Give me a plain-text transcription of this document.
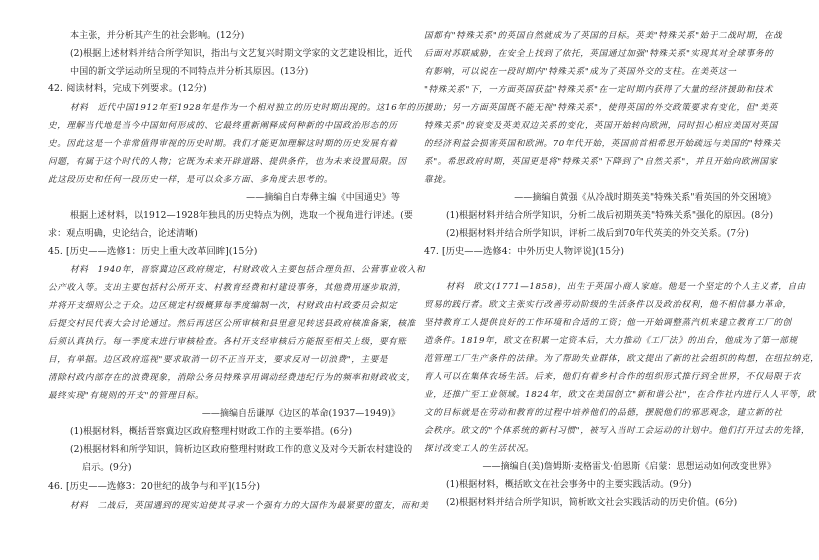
本主张，并分析其产生的社会影响。(12分)
(2)根据上述材料并结合所学知识，指出与文艺复兴时期文学家的文艺建设相比，近代
中国的新文学运动所呈现的不同特点并分析其原因。(13分)
42. 阅读材料，完成下列要求。(12分)
材料　近代中国1912年至1928年是作为一个相对独立的历史时期出现的。这16年的历
史，理解当代地是当今中国如何形成的、它最终重新阐释成何种新的中国政治形态的历
史。因此这是一个非常值得审视的历史时期。我们才能更加理解这时期的历史发展有着
问题，有属于这个时代的人物；它既为未来开辟道路、提供条件，也为未来设置局限。因
此这段历史和任何一段历史一样，是可以众多方面、多角度去思考的。
——摘编自白寿彝主编《中国通史》等
根据上述材料，以1912—1928年独具的历史特点为例，选取一个视角进行评述。(要
求：观点明确，史论结合，论述清晰)
45. [历史——选修1：历史上重大改革回眸](15分)
材料　1940年，晋察冀边区政府规定，村财政收入主要包括合理负担、公营事业收入和
公产收入等。支出主要包括村公所开支、村教育经费和村建设事务，其他费用逐步取消，
并将开支细则公之于众。边区规定村级概算每季度编制一次，村财政由村政委员会拟定
后提交村民代表大会讨论通过。然后再送区公所审核和县里意见转送县政府核准备案，核准
后须认真执行。每一季度末进行审核检查。各村开支经审核后方能报至相关上级，要有账
目，有单据。边区政府巡视"要求取消一切不正当开支，要求反对一切浪费"，主要是
清除村政内部存在的浪费现象，消除公务员特殊享用调动经费违纪行为的频率和财政收支，
最终实现"有规则的开支"的管理目标。
——摘编自岳谦厚《边区的革命(1937—1949)》
(1)根据材料，概括晋察冀边区政府整理村财政工作的主要举措。(6分)
(2)根据材料和所学知识，简析边区政府整理村财政工作的意义及对今天新农村建设的
启示。(9分)
46. [历史——选修3：20世纪的战争与和平](15分)
材料　二战后，英国遇到的现实迫使其寻求一个强有力的大国作为最紧要的盟友，而和美
国都有"特殊关系"的英国自然就成为了英国的目标。英美"特殊关系"始于二战时期，在战
后面对苏联威胁，在安全上找到了依托，英国通过加强"特殊关系"实现其对全球事务的
有影响，可以说在一段时期内"特殊关系"成为了英国外交的支柱。在美英这一
"特殊关系"下，一方面英国获益"特殊关系"在一定时期内获得了大量的经济援助和技术
援助；另一方面英国既不能无视"特殊关系"，使得英国的外交政策要求有变化，但"美英
特殊关系"的衰变及英美双边关系的变化，英国开始转向欧洲，同时担心相应美国对英国
的经济利益会损害英国和欧洲。70年代开始，英国前首相希思开始疏远与美国的"特殊关
系"。希思政府时期，英国更是将"特殊关系"下降到了"自然关系"，并且开始向欧洲国家
靠拢。
——摘编自黄强《从冷战时期英美"特殊关系"看英国的外交困境》
(1)根据材料并结合所学知识，分析二战后初期英美"特殊关系"强化的原因。(8分)
(2)根据材料并结合所学知识，评析二战后到70年代英美的外交关系。(7分)
47. [历史——选修4：中外历史人物评说](15分)
材料　欧文(1771—1858)，出生于英国小商人家庭。他是一个坚定的个人主义者，自由
贸易的践行者。欧文主张实行改善劳动阶级的生活条件以及政治权利，他不相信暴力革命，
坚持教育工人提供良好的工作环境和合适的工资；他一开始调整蒸汽机来建立教育工厂的创
造条件。1819年，欧文在积累一定资本后，大力推动《工厂法》的出台，他成为了第一部规
范管理工厂生产条件的法律。为了帮助失业群体，欧文提出了新的社会组织的构想，在纽拉纳克，
育人可以在集体农场生活。后来，他们有着乡村合作的组织形式推行到全世界，不仅局限于农
业，还推广至工业领域。1824年，欧文在美国创立"新和谐公社"，在合作社内进行人人平等，欧
文的目标就是在劳动和教育的过程中培养他们的品德，摆脱他们的邪恶观念，建立新的社
会秩序。欧文的"个体系统的新村习惯"，被写入当时工会运动的计划中。他们打开过去的先锋，
探讨改变工人的生活状况。
——摘编自(美)詹姆斯·麦格雷戈·伯恩斯《启蒙：思想运动如何改变世界》
(1)根据材料，概括欧文在社会事务中的主要实践活动。(9分)
(2)根据材料并结合所学知识，简析欧文社会实践活动的历史价值。(6分)
